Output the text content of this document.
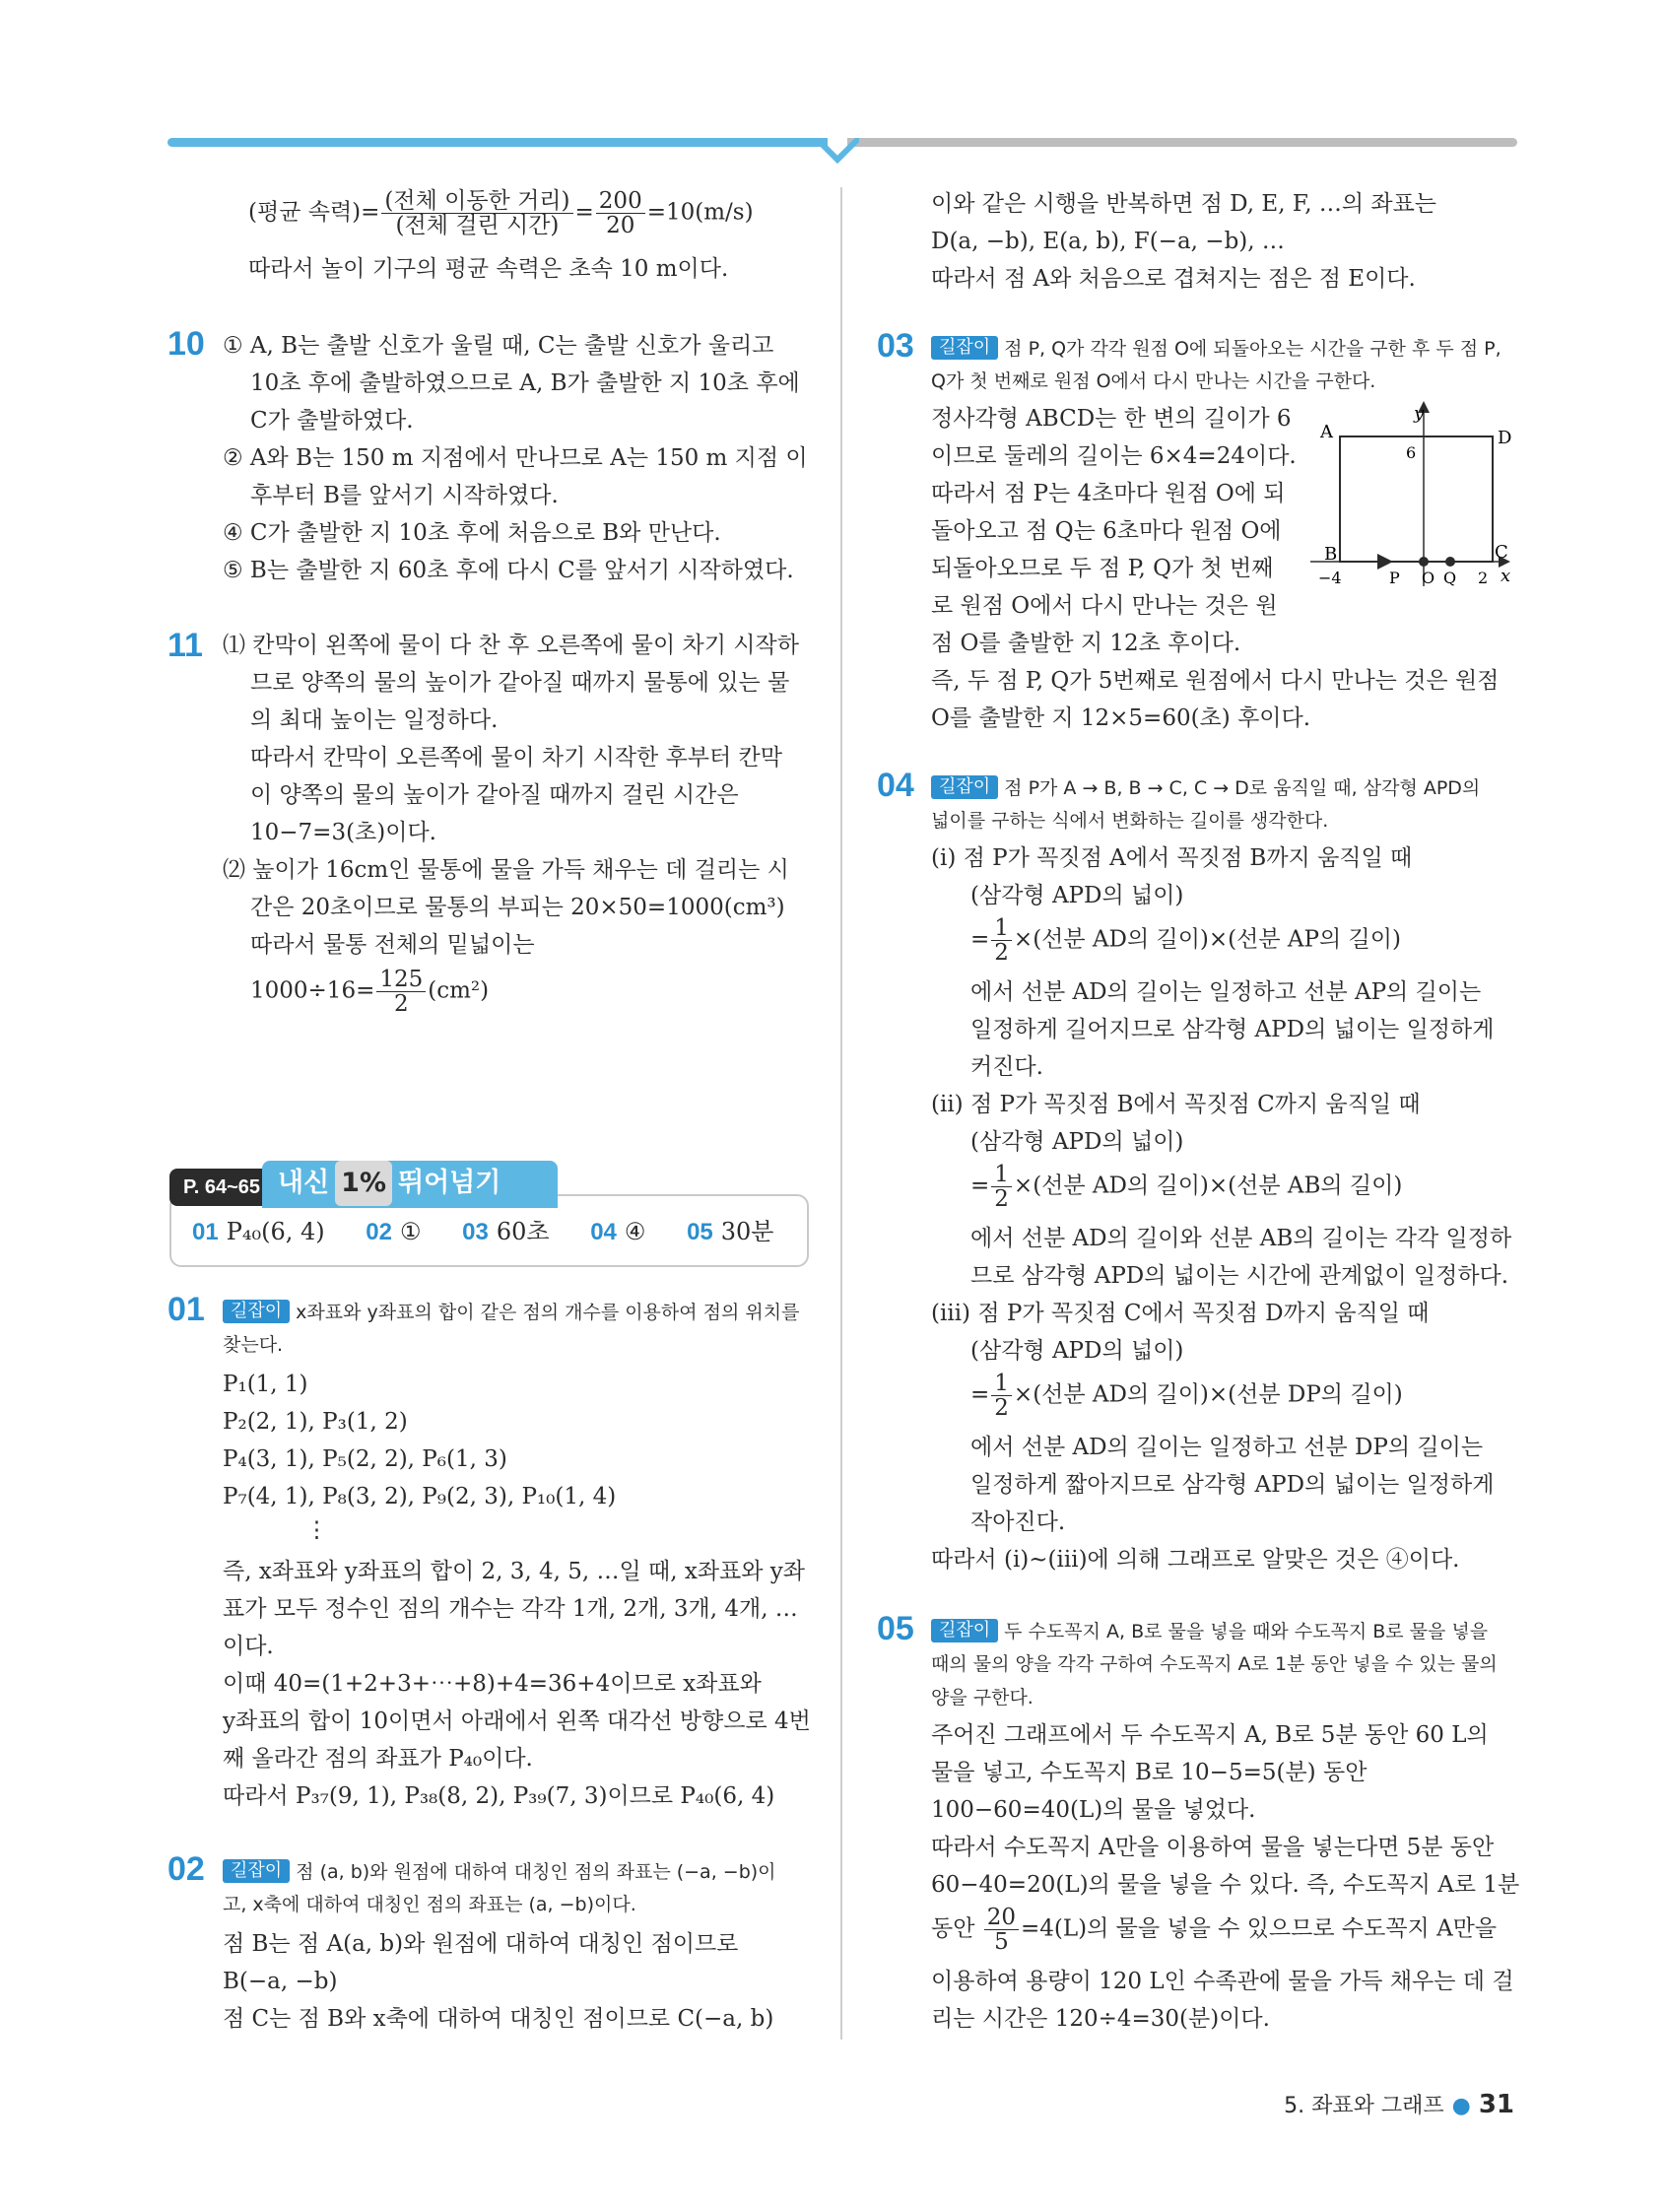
(평균 속력)= $\frac{\text{(전체 이동한 거리)}}{\text{(전체 걸린 시간)}} = \frac{200}{20} =10(m/s)$
따라서 놀이 기구의 평균 속력은 초속 10 m이다.
10 ① A, B는 출발 신호가 울릴 때, C는 출발 신호가 울리고
10초 후에 출발하였으므로 A, B가 출발한 지 10초 후에
C가 출발하였다.
② A와 B는 150 m 지점에서 만나므로 A는 150 m 지점 이
후부터 B를 앞서기 시작하였다.
④ C가 출발한 지 10초 후에 처음으로 B와 만난다.
⑤ B는 출발한 지 60초 후에 다시 C를 앞서기 시작하였다.
11 ⑴ 칸막이 왼쪽에 물이 다 찬 후 오른쪽에 물이 차기 시작하
므로 양쪽의 물의 높이가 같아질 때까지 물통에 있는 물
의 최대 높이는 일정하다.
따라서 칸막이 오른쪽에 물이 차기 시작한 후부터 칸막
이 양쪽의 물의 높이가 같아질 때까지 걸린 시간은
10−7=3(초)이다.
⑵ 높이가 16cm인 물통에 물을 가득 채우는 데 걸리는 시
간은 20초이므로 물통의 부피는 20×50=1000(cm³)
따라서 물통 전체의 밑넓이는
$1000\div 16= \frac{125}{2} (cm^2)$
P. 64~65 내신 1% 뛰어넘기
01 P₄₀(6, 4) 02 ① 03 60초 04 ④ 05 30분
01	길잡이 x좌표와 y좌표의 합이 같은 점의 개수를 이용하여 점의 위치를
찾는다.
P₁(1, 1)
P₂(2, 1), P₃(1, 2)
P₄(3, 1), P₅(2, 2), P₆(1, 3)
P₇(4, 1), P₈(3, 2), P₉(2, 3), P₁₀(1, 4)
⋮
즉, x좌표와 y좌표의 합이 2, 3, 4, 5, …일 때, x좌표와 y좌
표가 모두 정수인 점의 개수는 각각 1개, 2개, 3개, 4개, …
이다.
이때 40=(1+2+3+⋯+8)+4=36+4이므로 x좌표와
y좌표의 합이 10이면서 아래에서 왼쪽 대각선 방향으로 4번
째 올라간 점의 좌표가 P₄₀이다.
따라서 P₃₇(9, 1), P₃₈(8, 2), P₃₉(7, 3)이므로 P₄₀(6, 4)
02	길잡이 점 (a, b)와 원점에 대하여 대칭인 점의 좌표는 (−a, −b)이
고, x축에 대하여 대칭인 점의 좌표는 (a, −b)이다.
점 B는 점 A(a, b)와 원점에 대하여 대칭인 점이므로
B(−a, −b)
점 C는 점 B와 x축에 대하여 대칭인 점이므로 C(−a, b)
이와 같은 시행을 반복하면 점 D, E, F, …의 좌표는
D(a, −b), E(a, b), F(−a, −b), …
따라서 점 A와 처음으로 겹쳐지는 점은 점 E이다.
03	길잡이 점 P, Q가 각각 원점 O에 되돌아오는 시간을 구한 후 두 점 P,
Q가 첫 번째로 원점 O에서 다시 만나는 시간을 구한다.
정사각형 ABCD는 한 변의 길이가 6
이므로 둘레의 길이는 6×4=24이다.
따라서 점 P는 4초마다 원점 O에 되
돌아오고 점 Q는 6초마다 원점 O에
되돌아오므로 두 점 P, Q가 첫 번째
로 원점 O에서 다시 만나는 것은 원
점 O를 출발한 지 12초 후이다.
즉, 두 점 P, Q가 5번째로 원점에서 다시 만나는 것은 원점
O를 출발한 지 12×5=60(초) 후이다.
y
x
A	D
B	C
6
−4	P O Q 2
04	길잡이 점 P가 A → B, B → C, C → D로 움직일 때, 삼각형 APD의
넓이를 구하는 식에서 변화하는 길이를 생각한다.
(ⅰ) 점 P가 꼭짓점 A에서 꼭짓점 B까지 움직일 때
(삼각형 APD의 넓이)
= $\frac{1}{2}$ ×(선분 AD의 길이)×(선분 AP의 길이)
에서 선분 AD의 길이는 일정하고 선분 AP의 길이는
일정하게 길어지므로 삼각형 APD의 넓이는 일정하게
커진다.
(ⅱ) 점 P가 꼭짓점 B에서 꼭짓점 C까지 움직일 때
(삼각형 APD의 넓이)
= $\frac{1}{2}$ ×(선분 AD의 길이)×(선분 AB의 길이)
에서 선분 AD의 길이와 선분 AB의 길이는 각각 일정하
므로 삼각형 APD의 넓이는 시간에 관계없이 일정하다.
(ⅲ) 점 P가 꼭짓점 C에서 꼭짓점 D까지 움직일 때
(삼각형 APD의 넓이)
= $\frac{1}{2}$ ×(선분 AD의 길이)×(선분 DP의 길이)
에서 선분 AD의 길이는 일정하고 선분 DP의 길이는
일정하게 짧아지므로 삼각형 APD의 넓이는 일정하게
작아진다.
따라서 (ⅰ)~(ⅲ)에 의해 그래프로 알맞은 것은 ④이다.
05	길잡이 두 수도꼭지 A, B로 물을 넣을 때와 수도꼭지 B로 물을 넣을
때의 물의 양을 각각 구하여 수도꼭지 A로 1분 동안 넣을 수 있는 물의
양을 구한다.
주어진 그래프에서 두 수도꼭지 A, B로 5분 동안 60 L의
물을 넣고, 수도꼭지 B로 10−5=5(분) 동안
100−60=40(L)의 물을 넣었다.
따라서 수도꼭지 A만을 이용하여 물을 넣는다면 5분 동안
60−40=20(L)의 물을 넣을 수 있다. 즉, 수도꼭지 A로 1분
동안 $\frac{20}{5} =4(L)$의 물을 넣을 수 있으므로 수도꼭지 A만을
이용하여 용량이 120 L인 수족관에 물을 가득 채우는 데 걸
리는 시간은 120÷4=30(분)이다.
5. 좌표와 그래프 ● 31
